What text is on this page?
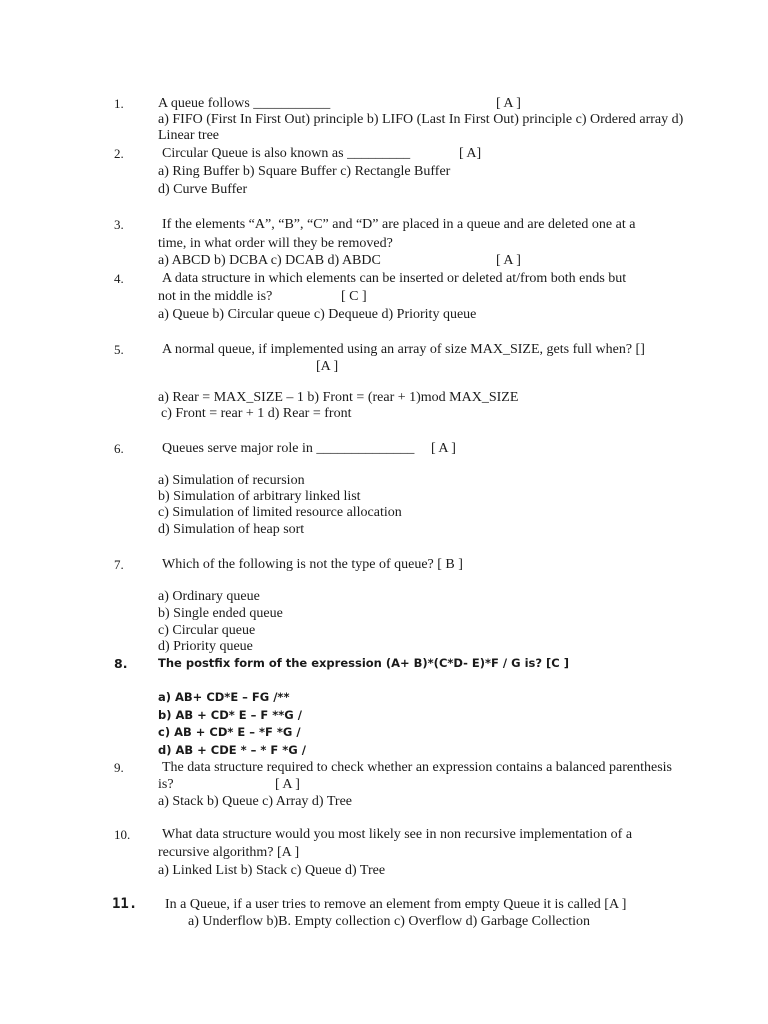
1. A queue follows ___________	[ A ]
a) FIFO (First In First Out) principle b) LIFO (Last In First Out) principle c) Ordered array d)
Linear tree
2.	Circular Queue is also known as _________	[ A]
a) Ring Buffer b) Square Buffer c) Rectangle Buffer
d) Curve Buffer
3.	If the elements “A”, “B”, “C” and “D” are placed in a queue and are deleted one at a
time, in what order will they be removed?
a) ABCD b) DCBA c) DCAB d) ABDC	[ A ]
4.	A data structure in which elements can be inserted or deleted at/from both ends but
not in the middle is?	[ C ]
a) Queue b) Circular queue c) Dequeue d) Priority queue
5.	A normal queue, if implemented using an array of size MAX_SIZE, gets full when? []
[A ]
a) Rear = MAX_SIZE – 1 b) Front = (rear + 1)mod MAX_SIZE
c) Front = rear + 1 d) Rear = front
6.	Queues serve major role in ______________ [ A ]
a) Simulation of recursion
b) Simulation of arbitrary linked list
c) Simulation of limited resource allocation
d) Simulation of heap sort
7.	Which of the following is not the type of queue? [ B ]
a) Ordinary queue
b) Single ended queue
c) Circular queue
d) Priority queue
8.	The postfix form of the expression (A+ B)*(C*D- E)*F / G is? [C ]
a) AB+ CD*E – FG /**
b) AB + CD* E – F **G /
c) AB + CD* E – *F *G /
d) AB + CDE * – * F *G /
9.	The data structure required to check whether an expression contains a balanced parenthesis
is?	[ A ]
a) Stack b) Queue c) Array d) Tree
10. What data structure would you most likely see in non recursive implementation of a
recursive algorithm? [A ]
a) Linked List b) Stack c) Queue d) Tree
11. In a Queue, if a user tries to remove an element from empty Queue it is called [A ]
a) Underflow b)B. Empty collection c) Overflow d) Garbage Collection
